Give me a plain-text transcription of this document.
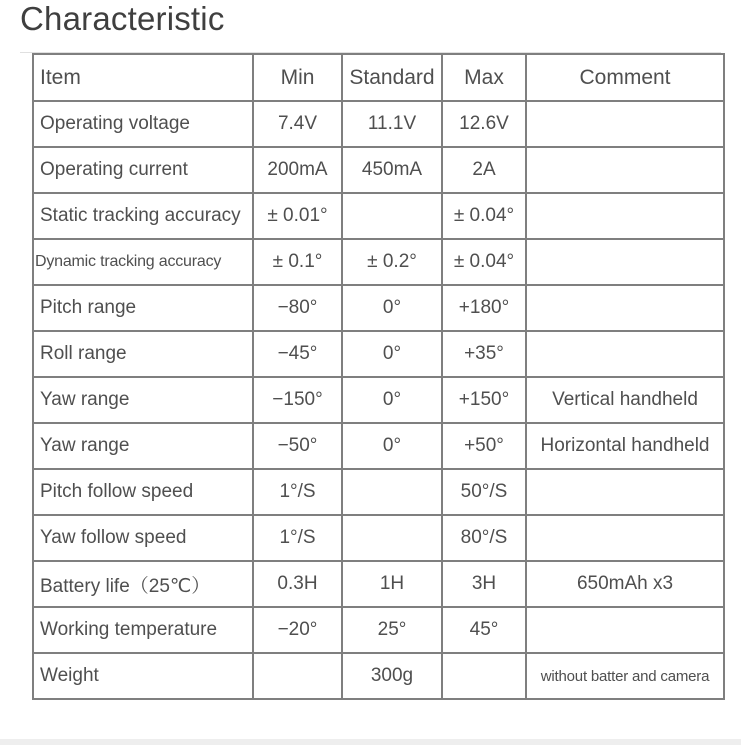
Characteristic
Item	Min	Standard	Max	Comment
Operating voltage	7.4V	11.1V	12.6V	
Operating current	200mA	450mA	2A	
Static tracking accuracy	± 0.01°		± 0.04°	
Dynamic tracking accuracy	± 0.1°	± 0.2°	± 0.04°	
Pitch range	−80°	0°	+180°	
Roll range	−45°	0°	+35°	
Yaw range	−150°	0°	+150°	Vertical handheld
Yaw range	−50°	0°	+50°	Horizontal handheld
Pitch follow speed	1°/S		50°/S	
Yaw follow speed	1°/S		80°/S	
Battery life（25℃）	0.3H	1H	3H	650mAh x3
Working temperature	−20°	25°	45°	
Weight		300g		without batter and camera
